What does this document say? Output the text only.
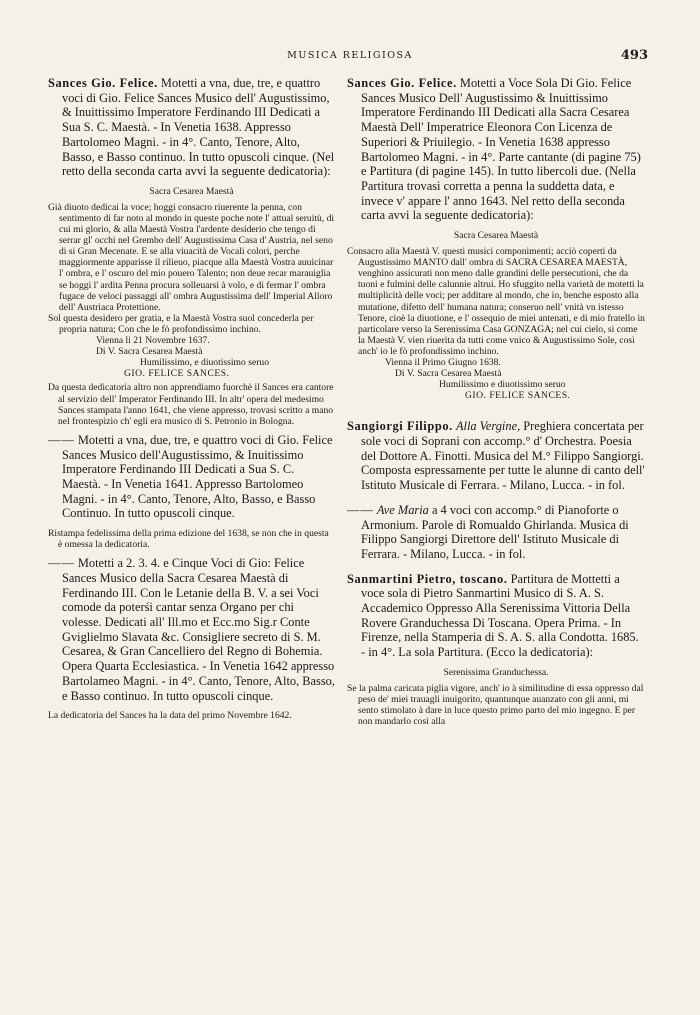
MUSICA RELIGIOSA	493
Sances Gio. Felice. Motetti a vna, due, tre, e quattro voci di Gio. Felice Sances Musico dell' Augustissimo, & Inuittissimo Imperatore Ferdinando III Dedicati a Sua S. C. Maestà. - In Venetia 1638. Appresso Bartolomeo Magni. - in 4°. Canto, Tenore, Alto, Basso, e Basso continuo. In tutto opuscoli cinque. (Nel retto della seconda carta avvi la seguente dedicatoria):
Sacra Cesarea Maestà

Già diuoto dedicai la voce; hoggi consacro riuerente la penna, con sentimento di far noto al mondo in queste poche note l' attual seruitù, di cui mi glorio, & alla Maestà Vostra l'ardente desiderio che tengo di serrar gl' occhi nel Grembo dell' Augustissima Casa d' Austria, nel seno di si Gran Mecenate. E se alla viuacità de Vocali colori, perche maggiormente apparisse il rilieuo, piacque alla Maestà Vostra auuicinar l' ombra, e l' oscuro del mio pouero Talento; non deue recar marauiglia se hoggi l' ardita Penna procura solleuarsi à volo, e di fermar l' ombra fugace de veloci passaggi all' ombra Augustissima dell' Imperial Alloro dell' Austriaca Protettione.

Sol questa desidero per gratia, e la Maestà Vostra suol concederla per propria natura; Con che le fò profondissimo inchino.

Vienna li 21 Novembre 1637.

Di V. Sacra Cesarea Maestà

Humilissimo, e diuotissimo seruo

GIO. FELICE SANCES.

Da questa dedicatoria altro non apprendiamo fuorchè il Sances era cantore al servizio dell' Imperator Ferdinando III. In altr' opera del medesimo Sances stampata l'anno 1641, che viene appresso, trovasi scritto a mano nel frontespizio ch' egli era musico di S. Petronio in Bologna.
—— Motetti a vna, due, tre, e quattro voci di Gio. Felice Sances Musico dell'Augustissimo, & Inuitissimo Imperatore Ferdinando III Dedicati a Sua S. C. Maestà. - In Venetia 1641. Appresso Bartolomeo Magni. - in 4°. Canto, Tenore, Alto, Basso, e Basso Continuo. In tutto opuscoli cinque.
Ristampa fedelissima della prima edizione del 1638, se non che in questa è omessa la dedicatoria.
—— Motetti a 2. 3. 4. e Cinque Voci di Gio: Felice Sances Musico della Sacra Cesarea Maestà di Ferdinando III. Con le Letanie della B. V. a sei Voci comode da poterśi cantar senza Organo per chi volesse. Dedicati all' Ill.mo et Ecc.mo Sig.r Conte Gviglielmo Slavata &c. Consigliere secreto di S. M. Cesarea, & Gran Cancelliero del Regno di Bohemia. Opera Quarta Ecclesiastica. - In Venetia 1642 appresso Bartolameo Magni. - in 4°. Canto, Tenore, Alto, Basso, e Basso continuo. In tutto opuscoli cinque.
La dedicatoria del Sances ha la data del primo Novembre 1642.
Sances Gio. Felice. Motetti a Voce Sola Di Gio. Felice Sances Musico Dell' Augustissimo & Inuittissimo Imperatore Ferdinando III Dedicati alla Sacra Cesarea Maestà Dell' Imperatrice Eleonora Con Licenza de Superiori & Priuilegio. - In Venetia 1638 appresso Bartolomeo Magni. - in 4°. Parte cantante (di pagine 75) e Partitura (di pagine 145). In tutto libercoli due. (Nella Partitura trovasi corretta a penna la suddetta data, e invece v' appare l' anno 1643. Nel retto della seconda carta avvi la seguente dedicatoria):
Sacra Cesarea Maestà

Consacro alla Maestà V. questi musici componimenti; acciò coperti da Augustissimo MANTO dall' ombra di SACRA CESAREA MAESTÀ, venghino assicurati non meno dalle grandini delle persecutioni, che da tuoni e fulmini delle calunnie altrui. Ho sfuggito nella varietà de motetti la multiplicità delle voci; per additare al mondo, che io, benche esposto alla mutatione, difetto dell' humana natura; conseruo nell' vnità vn istesso Tenore, cioè la diuotione, e l' ossequio de miei antenati, e di mio fratello in particolare verso la Serenissima Casa GONZAGA; nel cui cielo, si come la Maestà V. vien riuerita da tutti come vnico & Augustissimo Sole, così anch' io le fò profondissimo inchino.

Vienna il Primo Giugno 1638.

Di V. Sacra Cesarea Maestà

Humilissimo e diuotissimo seruo

GIO. FELICE SANCES.

Sangiorgi Filippo. Alla Vergine, Preghiera concertata per sole voci di Soprani con accomp.° d' Orchestra. Poesia del Dottore A. Finotti. Musica del M.° Filippo Sangiorgi. Composta espressamente per tutte le alunne di canto dell' Istituto Musicale di Ferrara. - Milano, Lucca. - in fol.
—— Ave Maria a 4 voci con accomp.° di Pianoforte o Armonium. Parole di Romualdo Ghirlanda. Musica di Filippo Sangiorgi Direttore dell' Istituto Musicale di Ferrara. - Milano, Lucca. - in fol.
Sanmartini Pietro, toscano. Partitura de Mottetti a voce sola di Pietro Sanmartini Musico di S. A. S. Accademico Oppresso Alla Serenissima Vittoria Della Rovere Granduchessa Di Toscana. Opera Prima. - In Firenze, nella Stamperia di S. A. S. alla Condotta. 1685. - in 4°. La sola Partitura. (Ecco la dedicatoria):
Serenissima Granduchessa.

Se la palma caricata piglia vigore, anch' io à similitudine di essa oppresso dal peso de' miei trauagli inuigorito, quantunque auanzato con gli anni, mi sento stimolato à dare in luce questo primo parto del mio ingegno. E per non mandarlo così alla
